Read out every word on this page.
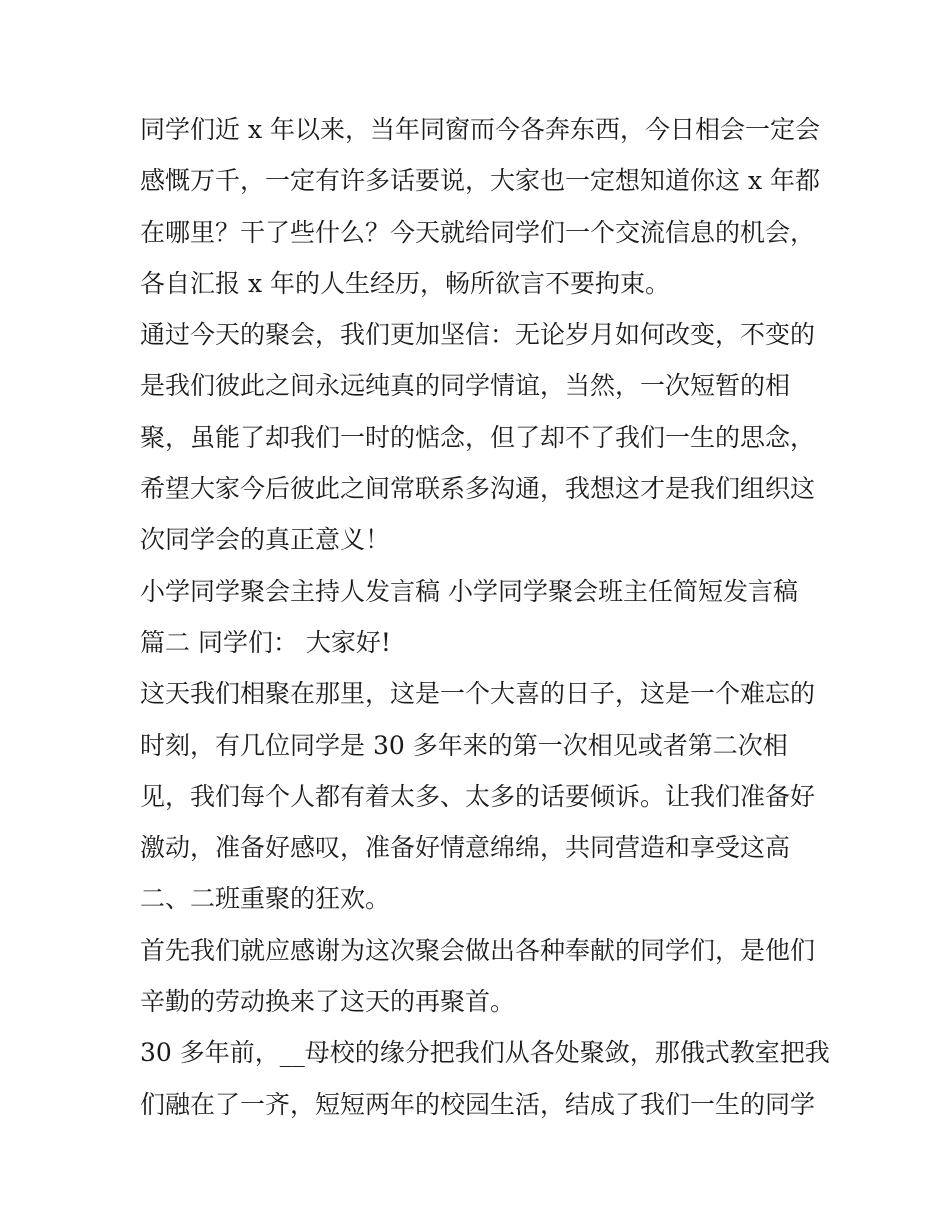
同学们近 x 年以来，当年同窗而今各奔东西，今日相会一定会
感慨万千，一定有许多话要说，大家也一定想知道你这 x 年都
在哪里？干了些什么？今天就给同学们一个交流信息的机会，
各自汇报 x 年的人生经历，畅所欲言不要拘束。
通过今天的聚会，我们更加坚信：无论岁月如何改变，不变的
是我们彼此之间永远纯真的同学情谊，当然，一次短暂的相
聚，虽能了却我们一时的惦念，但了却不了我们一生的思念，
希望大家今后彼此之间常联系多沟通，我想这才是我们组织这
次同学会的真正意义！
小学同学聚会主持人发言稿 小学同学聚会班主任简短发言稿
篇二 同学们： 大家好!
这天我们相聚在那里，这是一个大喜的日子，这是一个难忘的
时刻，有几位同学是 30 多年来的第一次相见或者第二次相
见，我们每个人都有着太多、太多的话要倾诉。让我们准备好
激动，准备好感叹，准备好情意绵绵，共同营造和享受这高
二、二班重聚的狂欢。
首先我们就应感谢为这次聚会做出各种奉献的同学们，是他们
辛勤的劳动换来了这天的再聚首。
30 多年前，__母校的缘分把我们从各处聚敛，那俄式教室把我
们融在了一齐，短短两年的校园生活，结成了我们一生的同学
